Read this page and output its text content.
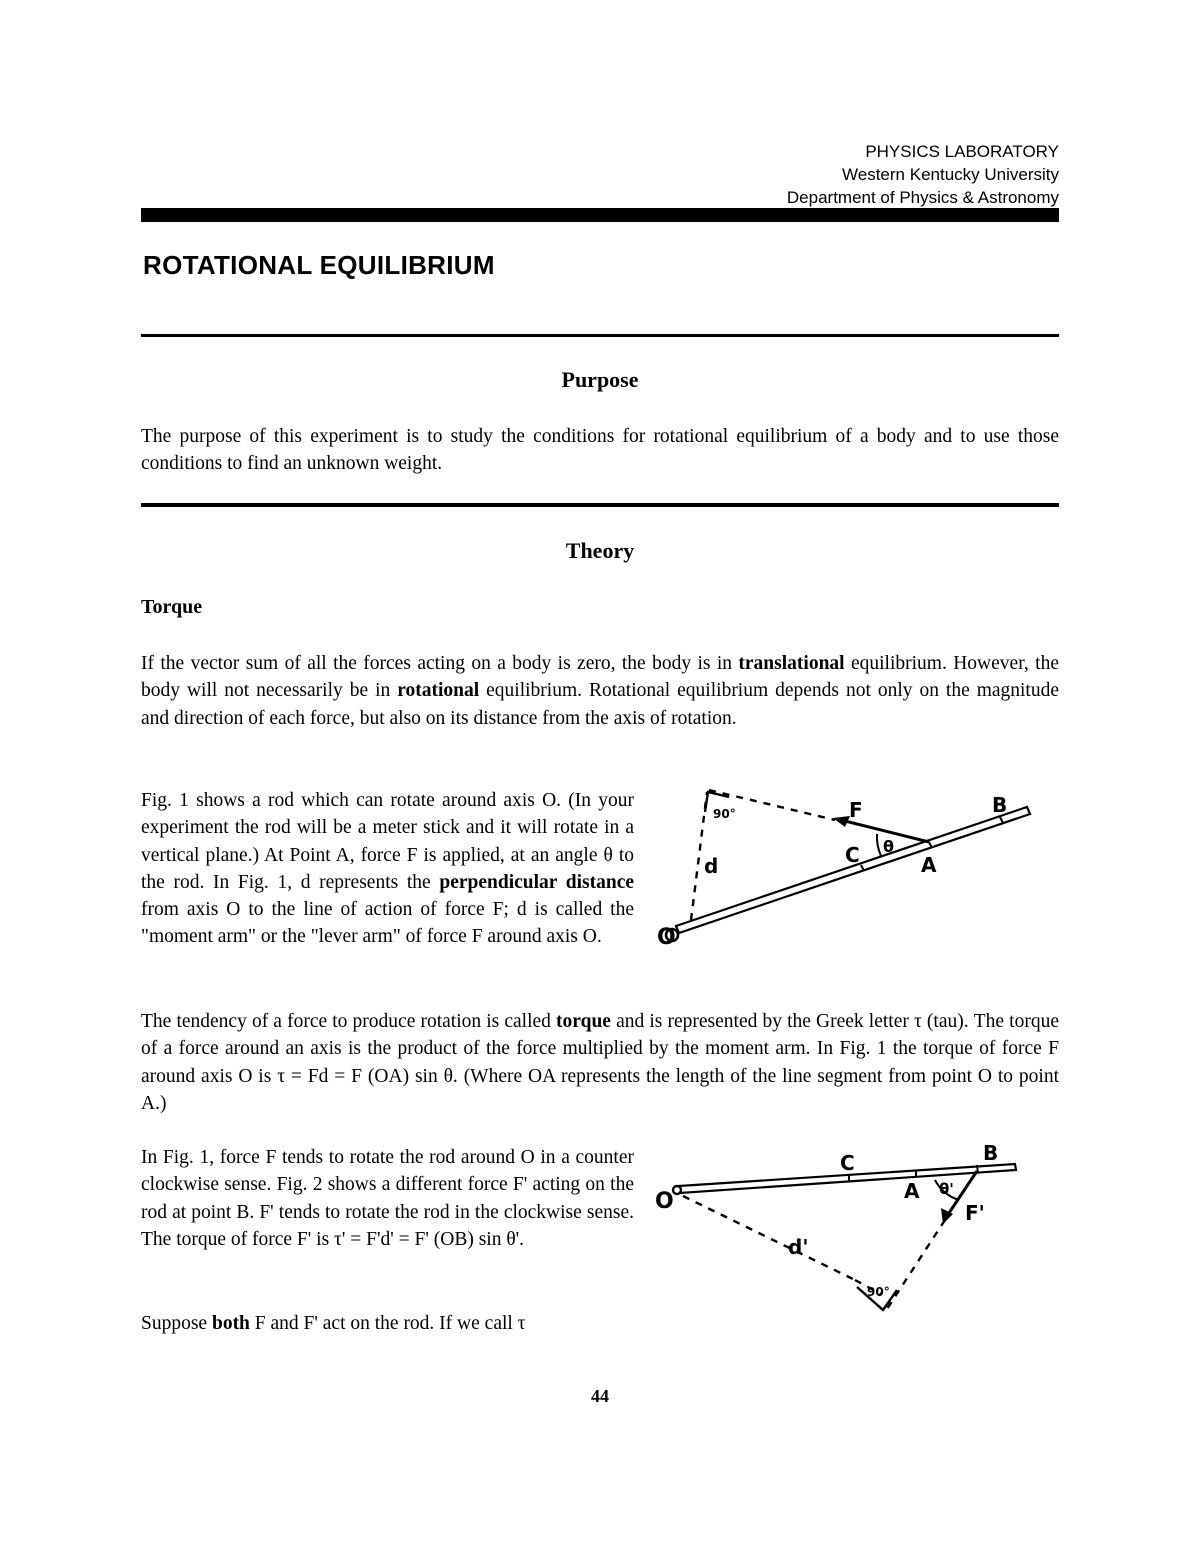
PHYSICS LABORATORY
Western Kentucky University
Department of Physics & Astronomy
ROTATIONAL EQUILIBRIUM
Purpose
The purpose of this experiment is to study the conditions for rotational equilibrium of a body and to use those conditions to find an unknown weight.
Theory
Torque

If the vector sum of all the forces acting on a body is zero, the body is in translational equilibrium. However, the body will not necessarily be in rotational equilibrium. Rotational equilibrium depends not only on the magnitude and direction of each force, but also on its distance from the axis of rotation.

Fig. 1 shows a rod which can rotate around axis O. (In your experiment the rod will be a meter stick and it will rotate in a vertical plane.) At Point A, force F is applied, at an angle θ to the rod. In Fig. 1, d represents the perpendicular distance from axis O to the line of action of force F; d is called the "moment arm" or the "lever arm" of force F around axis O.

90°
d
F
θ
C	A
B
O

The tendency of a force to produce rotation is called torque and is represented by the Greek letter τ (tau). The torque of a force around an axis is the product of the force multiplied by the moment arm. In Fig. 1 the torque of force F around axis O is τ = Fd = F (OA) sin θ. (Where OA represents the length of the line segment from point O to point A.)

In Fig. 1, force F tends to rotate the rod around O in a counter clockwise sense. Fig. 2 shows a different force F' acting on the rod at point B. F' tends to rotate the rod in the clockwise sense. The torque of force F' is τ' = F'd' = F' (OB) sin θ'.
90°
d'
F'
θ'
C
A
B
O

Suppose both F and F' act on the rod. If we call τ

44
